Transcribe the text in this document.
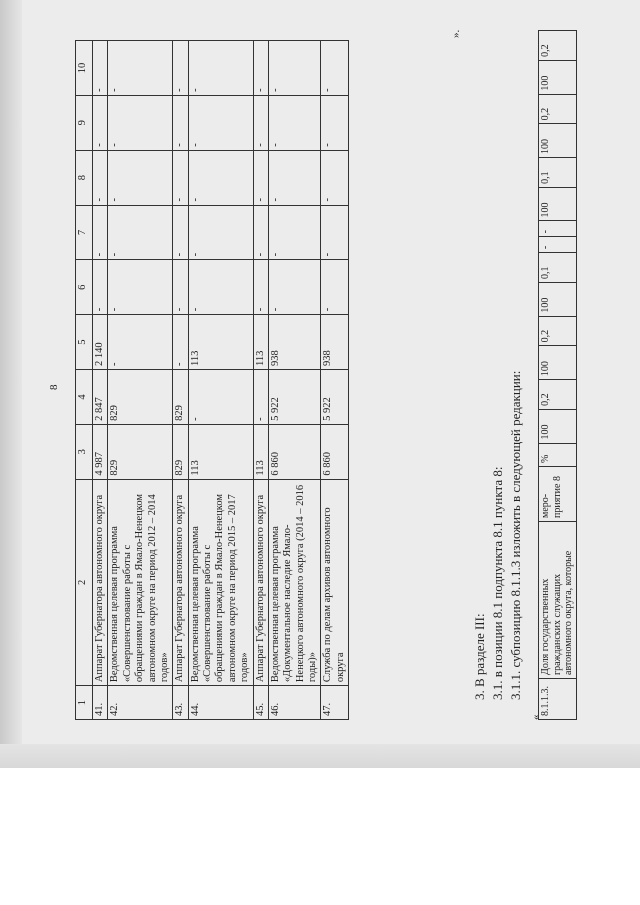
8
1	2	3	4	5	6	7	8	9	10
41.	Аппарат Губернатора автономного округа	4 987	2 847	2 140	-	-	-	-	-
42.	Ведомственная целевая программа «Совершенствование работы с обращениями граждан в Ямало-Ненецком автономном округе на период 2012 – 2014 годов»	829	829	-	-	-	-	-	-
43.	Аппарат Губернатора автономного округа	829	829	-	-	-	-	-	-
44.	Ведомственная целевая программа «Совершенствование работы с обращениями граждан в Ямало-Ненецком автономном округе на период 2015 – 2017 годов»	113	-	113	-	-	-	-	-
45.	Аппарат Губернатора автономного округа	113	-	113	-	-	-	-	-
46.	Ведомственная целевая программа «Документальное наследие Ямало-Ненецкого автономного округа (2014 – 2016 годы)»	6 860	5 922	938	-	-	-	-	-
47.	Служба по делам архивов автономного округа	6 860	5 922	938	-	-	-	-	-
».
3. В разделе III: 3.1. в позиции 8.1 подпункта 8.1 пункта 8: 3.1.1. субпозицию 8.1.1.3 изложить в следующей редакции:
«
8.1.1.3.	Доля государственных гражданских служащих автономного округа, которые	меро-приятие 8	%	100	0,2	100	0,2	100	0,1	-	-	100	0,1	100	0,2	100	0,2
